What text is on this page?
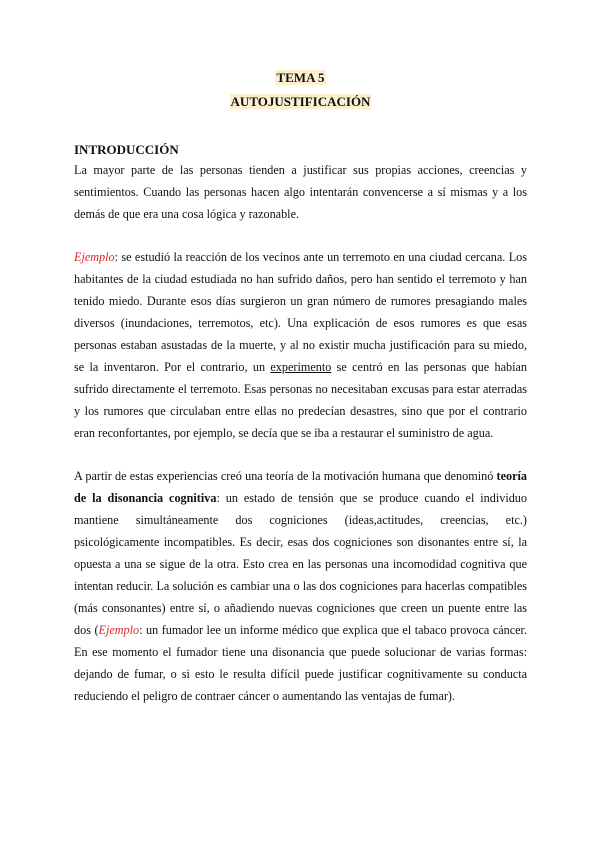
TEMA 5
AUTOJUSTIFICACIÓN
INTRODUCCIÓN

La mayor parte de las personas tienden a justificar sus propias acciones, creencias y sentimientos. Cuando las personas hacen algo intentarán convencerse a sí mismas y a los demás de que era una cosa lógica y razonable.

Ejemplo: se estudió la reacción de los vecinos ante un terremoto en una ciudad cercana. Los habitantes de la ciudad estudiada no han sufrido daños, pero han sentido el terremoto y han tenido miedo. Durante esos días surgieron un gran número de rumores presagiando males diversos (inundaciones, terremotos, etc). Una explicación de esos rumores es que esas personas estaban asustadas de la muerte, y al no existir mucha justificación para su miedo, se la inventaron. Por el contrario, un experimento se centró en las personas que habían sufrido directamente el terremoto. Esas personas no necesitaban excusas para estar aterradas y los rumores que circulaban entre ellas no predecían desastres, sino que por el contrario eran reconfortantes, por ejemplo, se decía que se iba a restaurar el suministro de agua.

A partir de estas experiencias creó una teoría de la motivación humana que denominó teoría de la disonancia cognitiva: un estado de tensión que se produce cuando el individuo mantiene simultáneamente dos cogniciones (ideas,actitudes, creencias, etc.) psicológicamente incompatibles. Es decir, esas dos cogniciones son disonantes entre sí, la opuesta a una se sigue de la otra. Esto crea en las personas una incomodidad cognitiva que intentan reducir. La solución es cambiar una o las dos cogniciones para hacerlas compatibles (más consonantes) entre sí, o añadiendo nuevas cogniciones que creen un puente entre las dos (Ejemplo: un fumador lee un informe médico que explica que el tabaco provoca cáncer. En ese momento el fumador tiene una disonancia que puede solucionar de varias formas: dejando de fumar, o si esto le resulta difícil puede justificar cognitivamente su conducta reduciendo el peligro de contraer cáncer o aumentando las ventajas de fumar).
